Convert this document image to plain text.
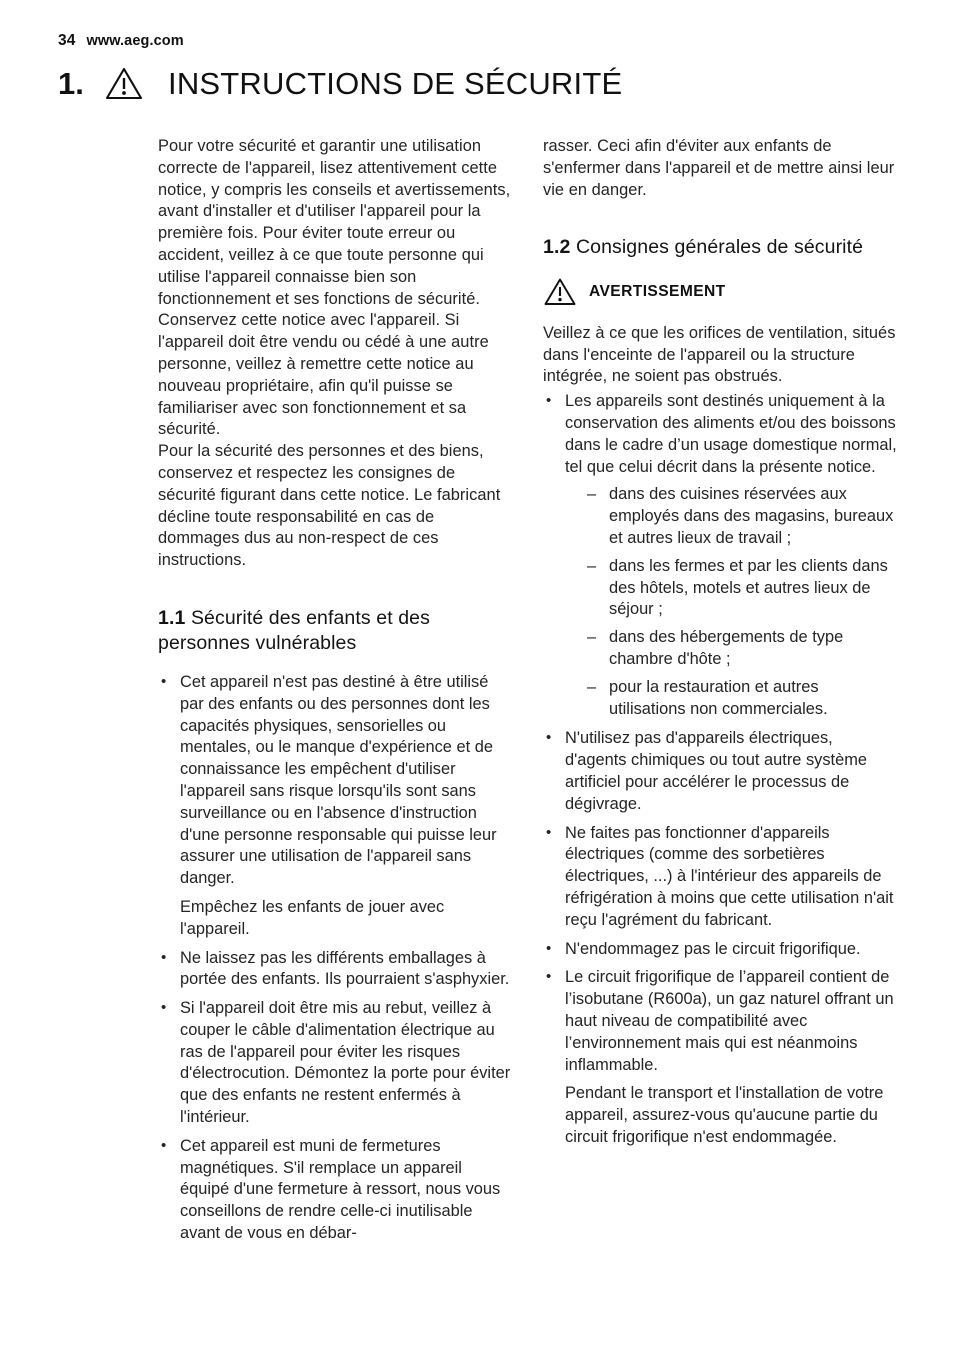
34 www.aeg.com
1.	INSTRUCTIONS DE SÉCURITÉ

Pour votre sécurité et garantir une utilisation correcte de l'appareil, lisez attentivement cette notice, y compris les conseils et avertissements, avant d'installer et d'utiliser l'appareil pour la première fois. Pour éviter toute erreur ou accident, veillez à ce que toute personne qui utilise l'appareil connaisse bien son fonctionnement et ses fonctions de sécurité. Conservez cette notice avec l'appareil. Si l'appareil doit être vendu ou cédé à une autre personne, veillez à remettre cette notice au nouveau propriétaire, afin qu'il puisse se familiariser avec son fonctionnement et sa sécurité.

Pour la sécurité des personnes et des biens, conservez et respectez les consignes de sécurité figurant dans cette notice. Le fabricant décline toute responsabilité en cas de dommages dus au non-respect de ces instructions.

1.1 Sécurité des enfants et des personnes vulnérables
• Cet appareil n'est pas destiné à être utilisé par des enfants ou des personnes dont les capacités physiques, sensorielles ou mentales, ou le manque d'expérience et de connaissance les empêchent d'utiliser l'appareil sans risque lorsqu'ils sont sans surveillance ou en l'absence d'instruction d'une personne responsable qui puisse leur assurer une utilisation de l'appareil sans danger.
Empêchez les enfants de jouer avec l'appareil.
• Ne laissez pas les différents emballages à portée des enfants. Ils pourraient s'asphyxier.
• Si l'appareil doit être mis au rebut, veillez à couper le câble d'alimentation électrique au ras de l'appareil pour éviter les risques d'électrocution. Démontez la porte pour éviter que des enfants ne restent enfermés à l'intérieur.
• Cet appareil est muni de fermetures magnétiques. S'il remplace un appareil équipé d'une fermeture à ressort, nous vous conseillons de rendre celle-ci inutilisable avant de vous en débar-

rasser. Ceci afin d'éviter aux enfants de s'enfermer dans l'appareil et de mettre ainsi leur vie en danger.

1.2 Consignes générales de sécurité
AVERTISSEMENT

Veillez à ce que les orifices de ventilation, situés dans l'enceinte de l'appareil ou la structure intégrée, ne soient pas obstrués.

• Les appareils sont destinés uniquement à la conservation des aliments et/ou des boissons dans le cadre d’un usage domestique normal, tel que celui décrit dans la présente notice.
– dans des cuisines réservées aux employés dans des magasins, bureaux et autres lieux de travail ;
– dans les fermes et par les clients dans des hôtels, motels et autres lieux de séjour ;
– dans des hébergements de type chambre d'hôte ;
– pour la restauration et autres utilisations non commerciales.
• N'utilisez pas d'appareils électriques, d'agents chimiques ou tout autre système artificiel pour accélérer le processus de dégivrage.
• Ne faites pas fonctionner d'appareils électriques (comme des sorbetières électriques, ...) à l'intérieur des appareils de réfrigération à moins que cette utilisation n'ait reçu l'agrément du fabricant.
• N'endommagez pas le circuit frigorifique.
• Le circuit frigorifique de l’appareil contient de l’isobutane (R600a), un gaz naturel offrant un haut niveau de compatibilité avec l’environnement mais qui est néanmoins inflammable.
Pendant le transport et l'installation de votre appareil, assurez-vous qu'aucune partie du circuit frigorifique n'est endommagée.
